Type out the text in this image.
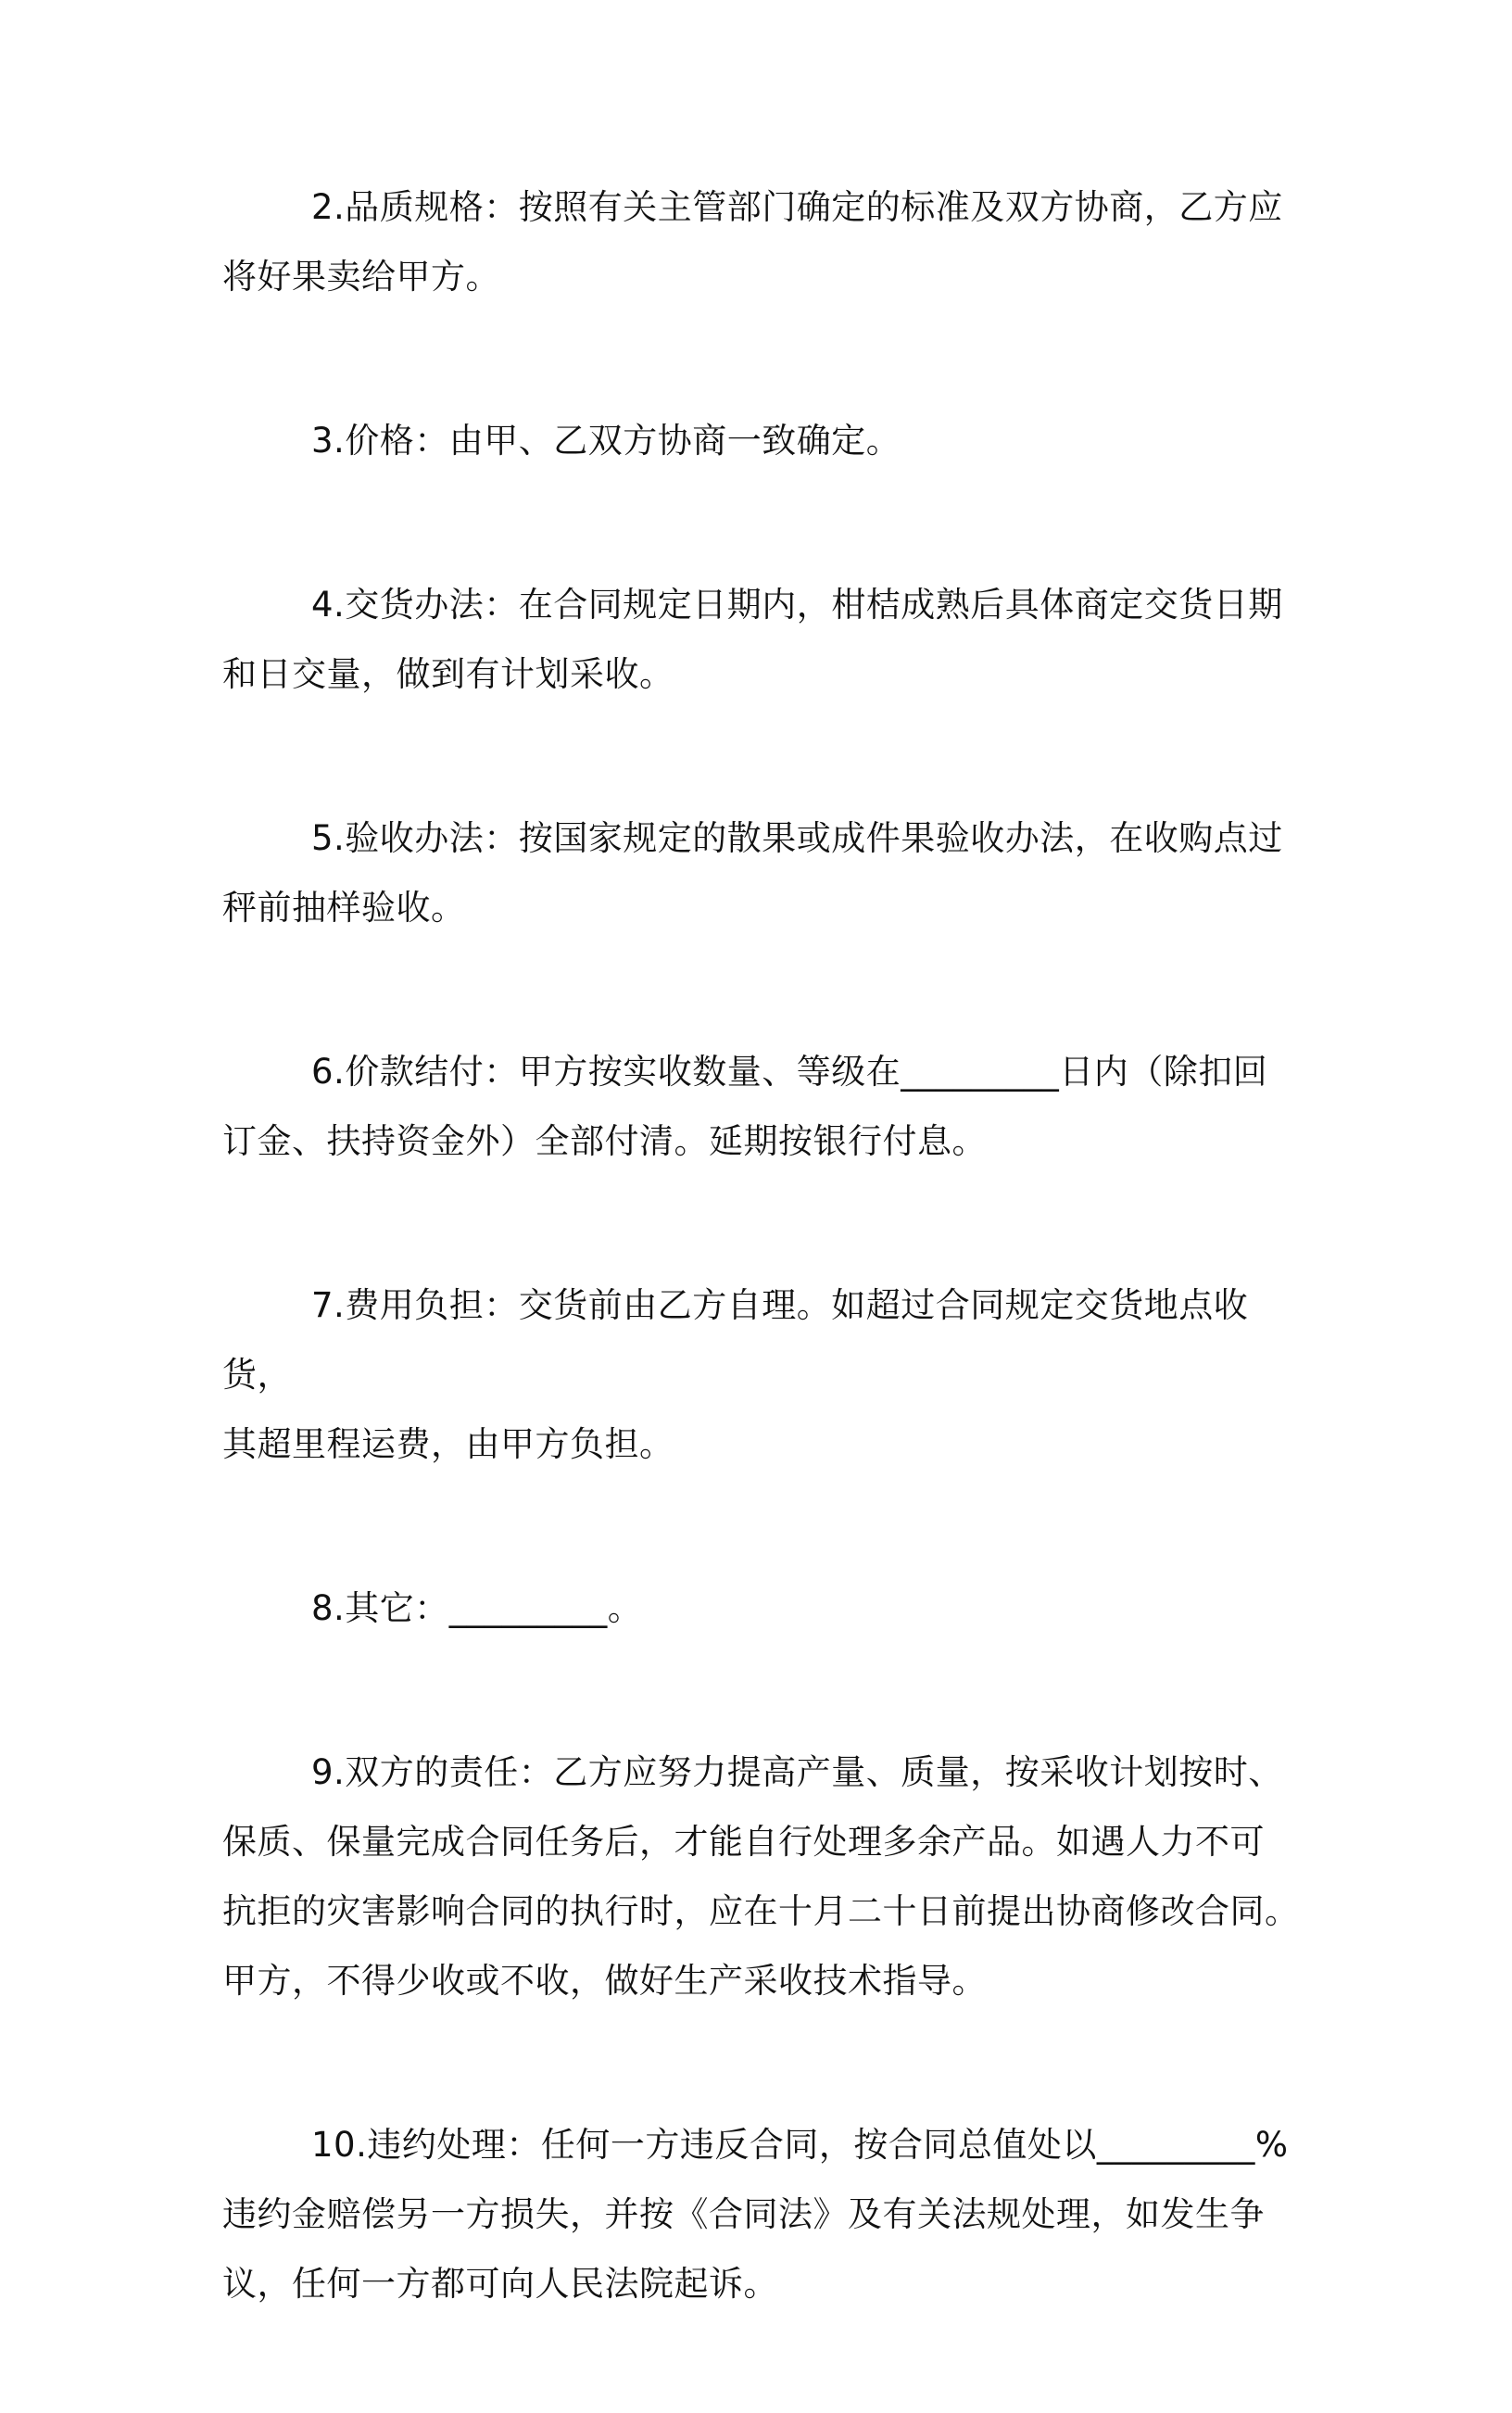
2.品质规格：按照有关主管部门确定的标准及双方协商，乙方应
将好果卖给甲方。

3.价格：由甲、乙双方协商一致确定。

4.交货办法：在合同规定日期内，柑桔成熟后具体商定交货日期
和日交量，做到有计划采收。

5.验收办法：按国家规定的散果或成件果验收办法，在收购点过
秤前抽样验收。

6.价款结付：甲方按实收数量、等级在_________日内（除扣回
订金、扶持资金外）全部付清。延期按银行付息。

7.费用负担：交货前由乙方自理。如超过合同规定交货地点收货，
其超里程运费，由甲方负担。

8.其它：_________。

9.双方的责任：乙方应努力提高产量、质量，按采收计划按时、
保质、保量完成合同任务后，才能自行处理多余产品。如遇人力不可
抗拒的灾害影响合同的执行时，应在十月二十日前提出协商修改合同。
甲方，不得少收或不收，做好生产采收技术指导。

10.违约处理：任何一方违反合同，按合同总值处以_________%
违约金赔偿另一方损失，并按《合同法》及有关法规处理，如发生争
议，任何一方都可向人民法院起诉。
